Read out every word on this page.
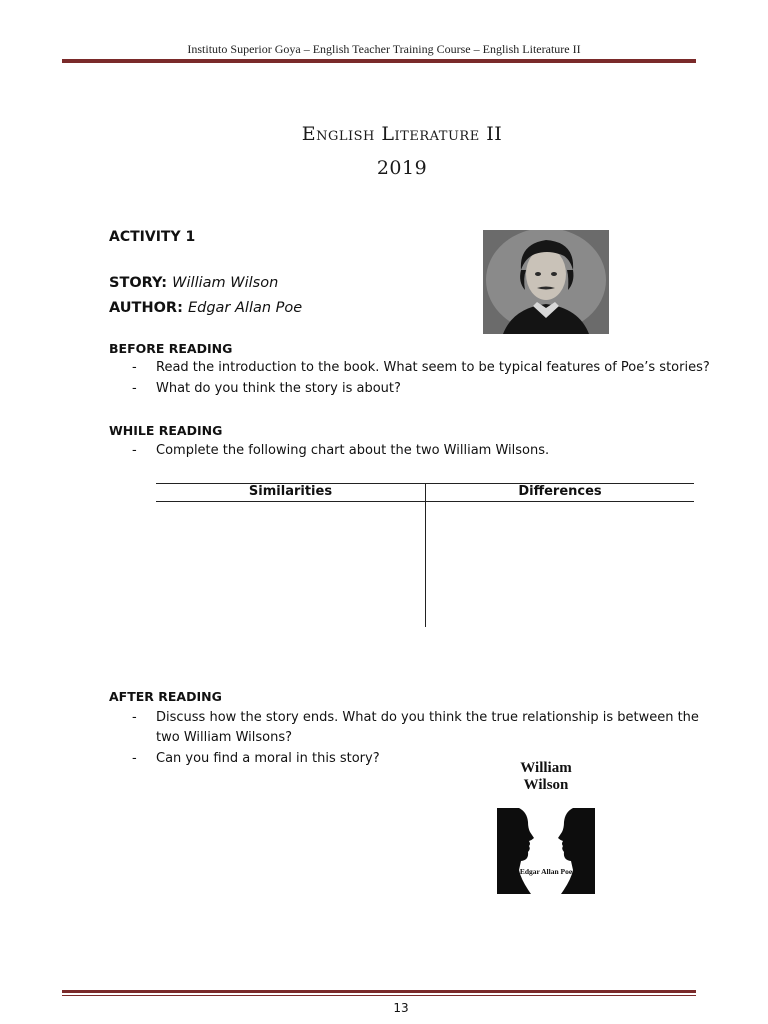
Instituto Superior Goya – English Teacher Training Course – English Literature II
English Literature II
2019
ACTIVITY 1
STORY: William Wilson
AUTHOR: Edgar Allan Poe
BEFORE READING
- Read the introduction to the book. What seem to be typical features of Poe’s stories?
- What do you think the story is about?
WHILE READING
- Complete the following chart about the two William Wilsons.
Similarities	Differences
AFTER READING
- Discuss how the story ends. What do you think the true relationship is between the
two William Wilsons?
- Can you find a moral in this story?
William
Wilson
Edgar Allan Poe
13
